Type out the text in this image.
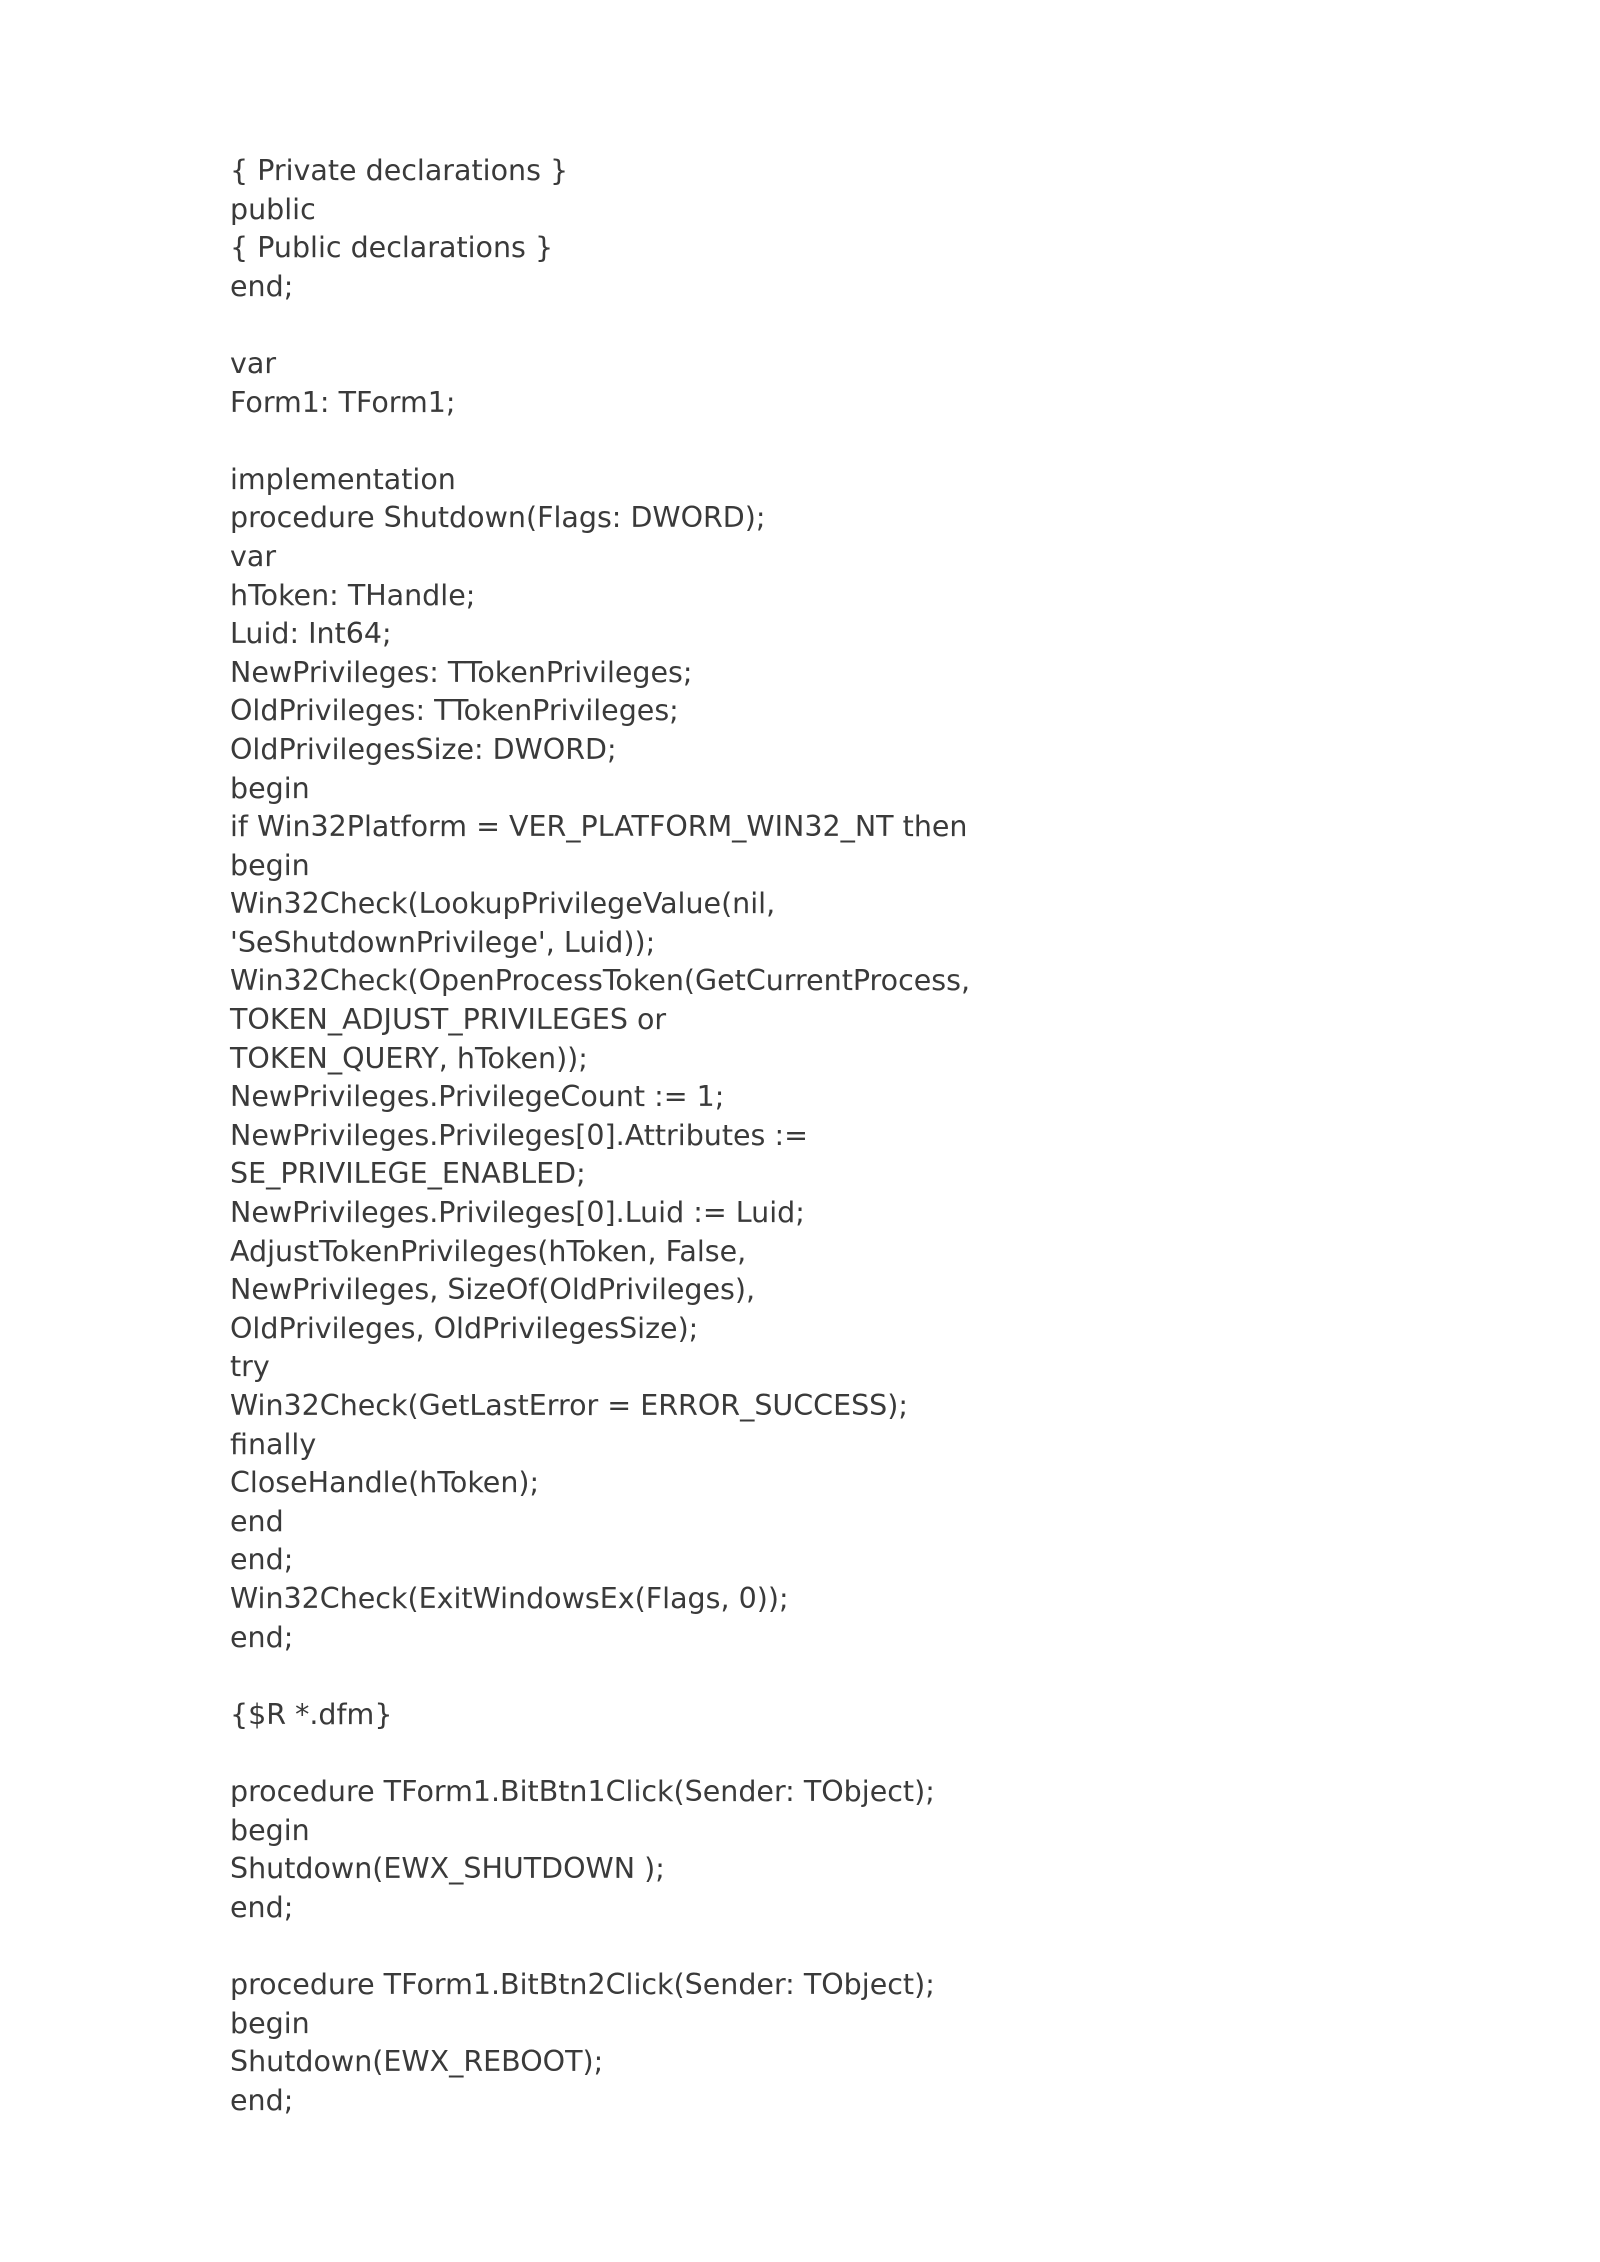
{ Private declarations }
public
{ Public declarations }
end;
var
Form1: TForm1;
implementation
procedure Shutdown(Flags: DWORD);
var
hToken: THandle;
Luid: Int64;
NewPrivileges: TTokenPrivileges;
OldPrivileges: TTokenPrivileges;
OldPrivilegesSize: DWORD;
begin
if Win32Platform = VER_PLATFORM_WIN32_NT then
begin
Win32Check(LookupPrivilegeValue(nil,
'SeShutdownPrivilege', Luid));
Win32Check(OpenProcessToken(GetCurrentProcess,
TOKEN_ADJUST_PRIVILEGES or
TOKEN_QUERY, hToken));
NewPrivileges.PrivilegeCount := 1;
NewPrivileges.Privileges[0].Attributes :=
SE_PRIVILEGE_ENABLED;
NewPrivileges.Privileges[0].Luid := Luid;
AdjustTokenPrivileges(hToken, False,
NewPrivileges, SizeOf(OldPrivileges),
OldPrivileges, OldPrivilegesSize);
try
Win32Check(GetLastError = ERROR_SUCCESS);
finally
CloseHandle(hToken);
end
end;
Win32Check(ExitWindowsEx(Flags, 0));
end;
{$R *.dfm}
procedure TForm1.BitBtn1Click(Sender: TObject);
begin
Shutdown(EWX_SHUTDOWN );
end;
procedure TForm1.BitBtn2Click(Sender: TObject);
begin
Shutdown(EWX_REBOOT);
end;
